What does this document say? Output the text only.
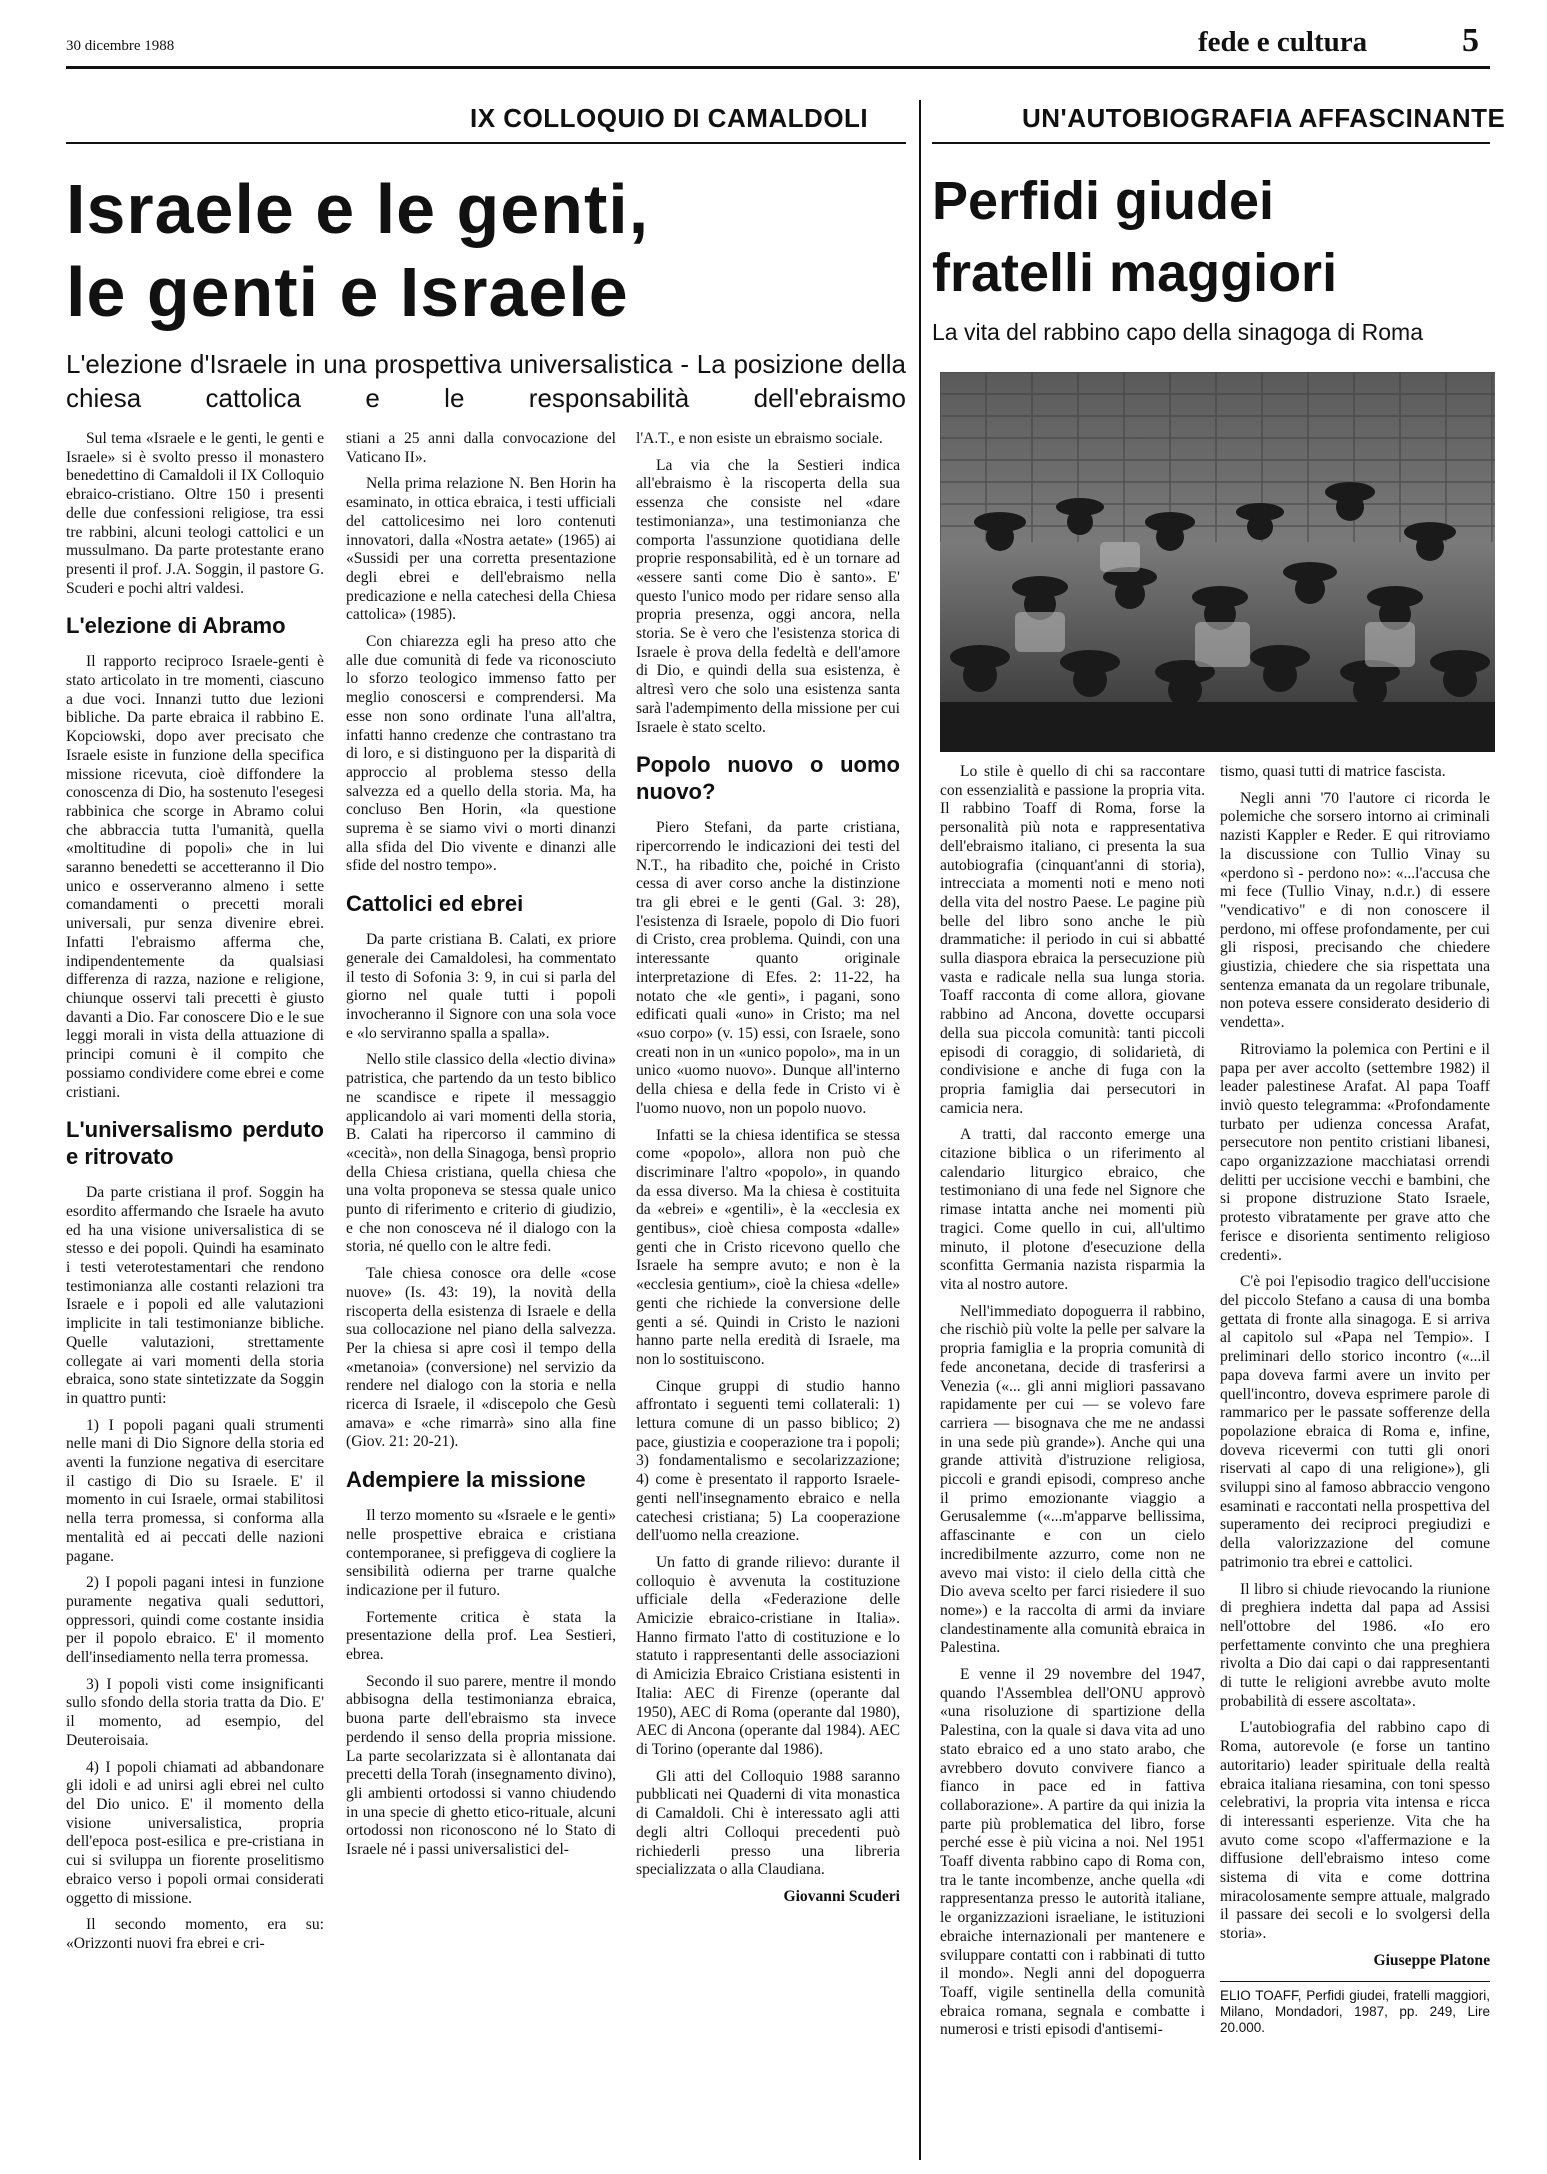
30 dicembre 1988	fede e cultura	5
IX COLLOQUIO DI CAMALDOLI
Israele e le genti,
le genti e Israele
L'elezione d'Israele in una prospettiva universalistica - La posizione della chiesa cattolica e le responsabilità dell'ebraismo
UN'AUTOBIOGRAFIA AFFASCINANTE
Perfidi giudei
fratelli maggiori
La vita del rabbino capo della sinagoga di Roma

Sul tema «Israele e le genti, le genti e Israele» si è svolto presso il monastero benedettino di Camaldoli il IX Colloquio ebraico-cristiano. Oltre 150 i presenti delle due confessioni religiose, tra essi tre rabbini, alcuni teologi cattolici e un mussulmano. Da parte protestante erano presenti il prof. J.A. Soggin, il pastore G. Scuderi e pochi altri valdesi.

L'elezione di Abramo

Il rapporto reciproco Israele-genti è stato articolato in tre momenti, ciascuno a due voci. Innanzi tutto due lezioni bibliche. Da parte ebraica il rabbino E. Kopciowski, dopo aver precisato che Israele esiste in funzione della specifica missione ricevuta, cioè diffondere la conoscenza di Dio, ha sostenuto l'esegesi rabbinica che scorge in Abramo colui che abbraccia tutta l'umanità, quella «moltitudine di popoli» che in lui saranno benedetti se accetteranno il Dio unico e osserveranno almeno i sette comandamenti o precetti morali universali, pur senza divenire ebrei. Infatti l'ebraismo afferma che, indipendentemente da qualsiasi differenza di razza, nazione e religione, chiunque osservi tali precetti è giusto davanti a Dio. Far conoscere Dio e le sue leggi morali in vista della attuazione di principi comuni è il compito che possiamo condividere come ebrei e come cristiani.

L'universalismo perduto e ritrovato

Da parte cristiana il prof. Soggin ha esordito affermando che Israele ha avuto ed ha una visione universalistica di se stesso e dei popoli. Quindi ha esaminato i testi veterotestamentari che rendono testimonianza alle costanti relazioni tra Israele e i popoli ed alle valutazioni implicite in tali testimonianze bibliche. Quelle valutazioni, strettamente collegate ai vari momenti della storia ebraica, sono state sintetizzate da Soggin in quattro punti:

1) I popoli pagani quali strumenti nelle mani di Dio Signore della storia ed aventi la funzione negativa di esercitare il castigo di Dio su Israele. E' il momento in cui Israele, ormai stabilitosi nella terra promessa, si conforma alla mentalità ed ai peccati delle nazioni pagane.

2) I popoli pagani intesi in funzione puramente negativa quali seduttori, oppressori, quindi come costante insidia per il popolo ebraico. E' il momento dell'insediamento nella terra promessa.

3) I popoli visti come insignificanti sullo sfondo della storia tratta da Dio. E' il momento, ad esempio, del Deuteroisaia.

4) I popoli chiamati ad abbandonare gli idoli e ad unirsi agli ebrei nel culto del Dio unico. E' il momento della visione universalistica, propria dell'epoca post-esilica e pre-cristiana in cui si sviluppa un fiorente proselitismo ebraico verso i popoli ormai considerati oggetto di missione.

Il secondo momento, era su: «Orizzonti nuovi fra ebrei e cri-

stiani a 25 anni dalla convocazione del Vaticano II».

Nella prima relazione N. Ben Horin ha esaminato, in ottica ebraica, i testi ufficiali del cattolicesimo nei loro contenuti innovatori, dalla «Nostra aetate» (1965) ai «Sussidi per una corretta presentazione degli ebrei e dell'ebraismo nella predicazione e nella catechesi della Chiesa cattolica» (1985).

Con chiarezza egli ha preso atto che alle due comunità di fede va riconosciuto lo sforzo teologico immenso fatto per meglio conoscersi e comprendersi. Ma esse non sono ordinate l'una all'altra, infatti hanno credenze che contrastano tra di loro, e si distinguono per la disparità di approccio al problema stesso della salvezza ed a quello della storia. Ma, ha concluso Ben Horin, «la questione suprema è se siamo vivi o morti dinanzi alla sfida del Dio vivente e dinanzi alle sfide del nostro tempo».

Cattolici ed ebrei

Da parte cristiana B. Calati, ex priore generale dei Camaldolesi, ha commentato il testo di Sofonia 3: 9, in cui si parla del giorno nel quale tutti i popoli invocheranno il Signore con una sola voce e «lo serviranno spalla a spalla».

Nello stile classico della «lectio divina» patristica, che partendo da un testo biblico ne scandisce e ripete il messaggio applicandolo ai vari momenti della storia, B. Calati ha ripercorso il cammino di «cecità», non della Sinagoga, bensì proprio della Chiesa cristiana, quella chiesa che una volta proponeva se stessa quale unico punto di riferimento e criterio di giudizio, e che non conosceva né il dialogo con la storia, né quello con le altre fedi.

Tale chiesa conosce ora delle «cose nuove» (Is. 43: 19), la novità della riscoperta della esistenza di Israele e della sua collocazione nel piano della salvezza. Per la chiesa si apre così il tempo della «metanoia» (conversione) nel servizio da rendere nel dialogo con la storia e nella ricerca di Israele, il «discepolo che Gesù amava» e «che rimarrà» sino alla fine (Giov. 21: 20-21).

Adempiere la missione

Il terzo momento su «Israele e le genti» nelle prospettive ebraica e cristiana contemporanee, si prefiggeva di cogliere la sensibilità odierna per trarne qualche indicazione per il futuro.

Fortemente critica è stata la presentazione della prof. Lea Sestieri, ebrea.

Secondo il suo parere, mentre il mondo abbisogna della testimonianza ebraica, buona parte dell'ebraismo sta invece perdendo il senso della propria missione. La parte secolarizzata si è allontanata dai precetti della Torah (insegnamento divino), gli ambienti ortodossi si vanno chiudendo in una specie di ghetto etico-rituale, alcuni ortodossi non riconoscono né lo Stato di Israele né i passi universalistici del-

l'A.T., e non esiste un ebraismo sociale.

La via che la Sestieri indica all'ebraismo è la riscoperta della sua essenza che consiste nel «dare testimonianza», una testimonianza che comporta l'assunzione quotidiana delle proprie responsabilità, ed è un tornare ad «essere santi come Dio è santo». E' questo l'unico modo per ridare senso alla propria presenza, oggi ancora, nella storia. Se è vero che l'esistenza storica di Israele è prova della fedeltà e dell'amore di Dio, e quindi della sua esistenza, è altresì vero che solo una esistenza santa sarà l'adempimento della missione per cui Israele è stato scelto.

Popolo nuovo o uomo nuovo?

Piero Stefani, da parte cristiana, ripercorrendo le indicazioni dei testi del N.T., ha ribadito che, poiché in Cristo cessa di aver corso anche la distinzione tra gli ebrei e le genti (Gal. 3: 28), l'esistenza di Israele, popolo di Dio fuori di Cristo, crea problema. Quindi, con una interessante quanto originale interpretazione di Efes. 2: 11-22, ha notato che «le genti», i pagani, sono edificati quali «uno» in Cristo; ma nel «suo corpo» (v. 15) essi, con Israele, sono creati non in un «unico popolo», ma in un unico «uomo nuovo». Dunque all'interno della chiesa e della fede in Cristo vi è l'uomo nuovo, non un popolo nuovo.

Infatti se la chiesa identifica se stessa come «popolo», allora non può che discriminare l'altro «popolo», in quando da essa diverso. Ma la chiesa è costituita da «ebrei» e «gentili», è la «ecclesia ex gentibus», cioè chiesa composta «dalle» genti che in Cristo ricevono quello che Israele ha sempre avuto; e non è la «ecclesia gentium», cioè la chiesa «delle» genti che richiede la conversione delle genti a sé. Quindi in Cristo le nazioni hanno parte nella eredità di Israele, ma non lo sostituiscono.

Cinque gruppi di studio hanno affrontato i seguenti temi collaterali: 1) lettura comune di un passo biblico; 2) pace, giustizia e cooperazione tra i popoli; 3) fondamentalismo e secolarizzazione; 4) come è presentato il rapporto Israele-genti nell'insegnamento ebraico e nella catechesi cristiana; 5) La cooperazione dell'uomo nella creazione.

Un fatto di grande rilievo: durante il colloquio è avvenuta la costituzione ufficiale della «Federazione delle Amicizie ebraico-cristiane in Italia». Hanno firmato l'atto di costituzione e lo statuto i rappresentanti delle associazioni di Amicizia Ebraico Cristiana esistenti in Italia: AEC di Firenze (operante dal 1950), AEC di Roma (operante dal 1980), AEC di Ancona (operante dal 1984). AEC di Torino (operante dal 1986).

Gli atti del Colloquio 1988 saranno pubblicati nei Quaderni di vita monastica di Camaldoli. Chi è interessato agli atti degli altri Colloqui precedenti può richiederli presso una libreria specializzata o alla Claudiana.

Giovanni Scuderi

Lo stile è quello di chi sa raccontare con essenzialità e passione la propria vita. Il rabbino Toaff di Roma, forse la personalità più nota e rappresentativa dell'ebraismo italiano, ci presenta la sua autobiografia (cinquant'anni di storia), intrecciata a momenti noti e meno noti della vita del nostro Paese. Le pagine più belle del libro sono anche le più drammatiche: il periodo in cui si abbatté sulla diaspora ebraica la persecuzione più vasta e radicale nella sua lunga storia. Toaff racconta di come allora, giovane rabbino ad Ancona, dovette occuparsi della sua piccola comunità: tanti piccoli episodi di coraggio, di solidarietà, di condivisione e anche di fuga con la propria famiglia dai persecutori in camicia nera.

A tratti, dal racconto emerge una citazione biblica o un riferimento al calendario liturgico ebraico, che testimoniano di una fede nel Signore che rimase intatta anche nei momenti più tragici. Come quello in cui, all'ultimo minuto, il plotone d'esecuzione della sconfitta Germania nazista risparmia la vita al nostro autore.

Nell'immediato dopoguerra il rabbino, che rischiò più volte la pelle per salvare la propria famiglia e la propria comunità di fede anconetana, decide di trasferirsi a Venezia («... gli anni migliori passavano rapidamente per cui — se volevo fare carriera — bisognava che me ne andassi in una sede più grande»). Anche qui una grande attività d'istruzione religiosa, piccoli e grandi episodi, compreso anche il primo emozionante viaggio a Gerusalemme («...m'apparve bellissima, affascinante e con un cielo incredibilmente azzurro, come non ne avevo mai visto: il cielo della città che Dio aveva scelto per farci risiedere il suo nome») e la raccolta di armi da inviare clandestinamente alla comunità ebraica in Palestina.

E venne il 29 novembre del 1947, quando l'Assemblea dell'ONU approvò «una risoluzione di spartizione della Palestina, con la quale si dava vita ad uno stato ebraico ed a uno stato arabo, che avrebbero dovuto convivere fianco a fianco in pace ed in fattiva collaborazione». A partire da qui inizia la parte più problematica del libro, forse perché esse è più vicina a noi. Nel 1951 Toaff diventa rabbino capo di Roma con, tra le tante incombenze, anche quella «di rappresentanza presso le autorità italiane, le organizzazioni israeliane, le istituzioni ebraiche internazionali per mantenere e sviluppare contatti con i rabbinati di tutto il mondo». Negli anni del dopoguerra Toaff, vigile sentinella della comunità ebraica romana, segnala e combatte i numerosi e tristi episodi d'antisemi-

tismo, quasi tutti di matrice fascista.

Negli anni '70 l'autore ci ricorda le polemiche che sorsero intorno ai criminali nazisti Kappler e Reder. E qui ritroviamo la discussione con Tullio Vinay su «perdono sì - perdono no»: «...l'accusa che mi fece (Tullio Vinay, n.d.r.) di essere "vendicativo" e di non conoscere il perdono, mi offese profondamente, per cui gli risposi, precisando che chiedere giustizia, chiedere che sia rispettata una sentenza emanata da un regolare tribunale, non poteva essere considerato desiderio di vendetta».

Ritroviamo la polemica con Pertini e il papa per aver accolto (settembre 1982) il leader palestinese Arafat. Al papa Toaff inviò questo telegramma: «Profondamente turbato per udienza concessa Arafat, persecutore non pentito cristiani libanesi, capo organizzazione macchiatasi orrendi delitti per uccisione vecchi e bambini, che si propone distruzione Stato Israele, protesto vibratamente per grave atto che ferisce e disorienta sentimento religioso credenti».

C'è poi l'episodio tragico dell'uccisione del piccolo Stefano a causa di una bomba gettata di fronte alla sinagoga. E si arriva al capitolo sul «Papa nel Tempio». I preliminari dello storico incontro («...il papa doveva farmi avere un invito per quell'incontro, doveva esprimere parole di rammarico per le passate sofferenze della popolazione ebraica di Roma e, infine, doveva ricevermi con tutti gli onori riservati al capo di una religione»), gli sviluppi sino al famoso abbraccio vengono esaminati e raccontati nella prospettiva del superamento dei reciproci pregiudizi e della valorizzazione del comune patrimonio tra ebrei e cattolici.

Il libro si chiude rievocando la riunione di preghiera indetta dal papa ad Assisi nell'ottobre del 1986. «Io ero perfettamente convinto che una preghiera rivolta a Dio dai capi o dai rappresentanti di tutte le religioni avrebbe avuto molte probabilità di essere ascoltata».

L'autobiografia del rabbino capo di Roma, autorevole (e forse un tantino autoritario) leader spirituale della realtà ebraica italiana riesamina, con toni spesso celebrativi, la propria vita intensa e ricca di interessanti esperienze. Vita che ha avuto come scopo «l'affermazione e la diffusione dell'ebraismo inteso come sistema di vita e come dottrina miracolosamente sempre attuale, malgrado il passare dei secoli e lo svolgersi della storia».

Giuseppe Platone
ELIO TOAFF, Perfidi giudei, fratelli maggiori, Milano, Mondadori, 1987, pp. 249, Lire 20.000.
